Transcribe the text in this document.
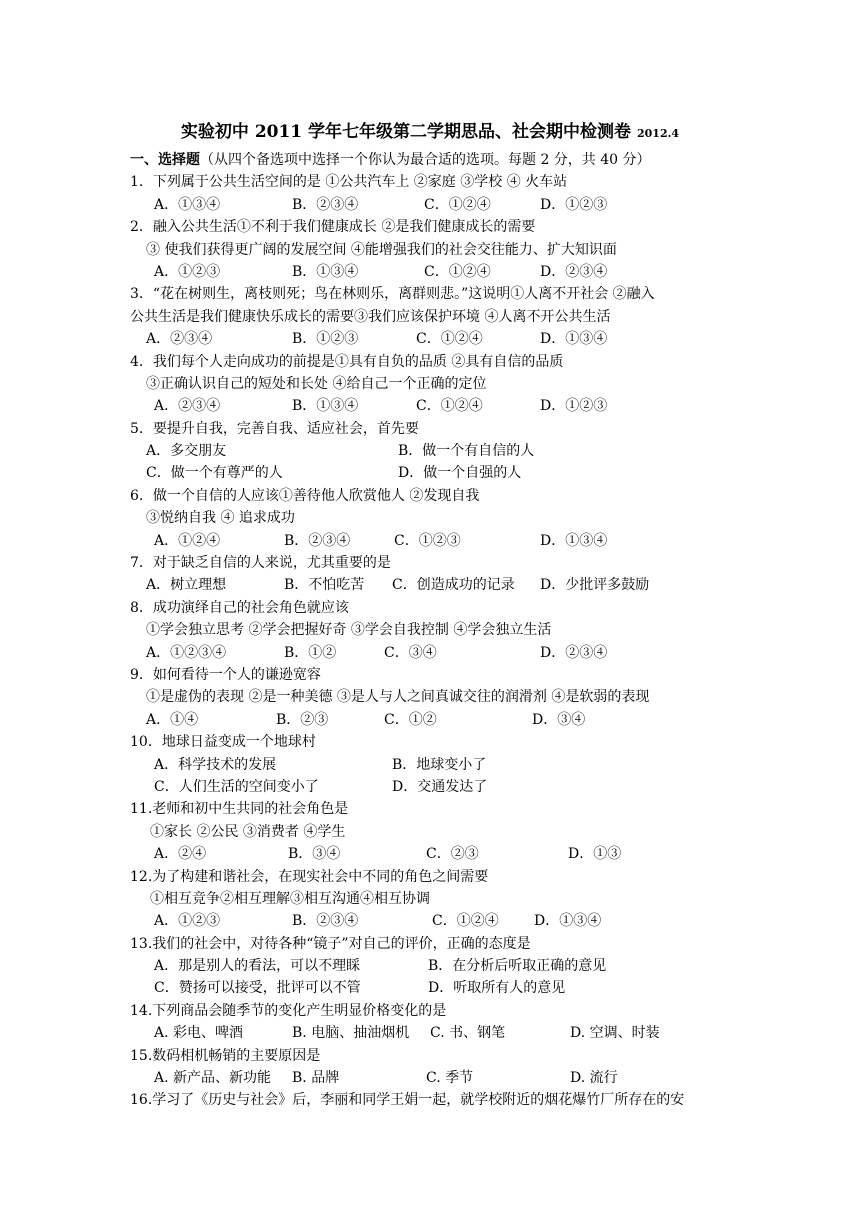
实验初中 2011 学年七年级第二学期思品、社会期中检测卷 2012.4
一、选择题（从四个备选项中选择一个你认为最合适的选项。每题 2 分，共 40 分）
1．下列属于公共生活空间的是 ①公共汽车上 ②家庭 ③学校 ④ 火车站
A．①③④	B．②③④	C．①②④	D．①②③
2．融入公共生活①不利于我们健康成长 ②是我们健康成长的需要
③ 使我们获得更广阔的发展空间 ④能增强我们的社会交往能力、扩大知识面
A．①②③	B．①③④	C．①②④	D．②③④
3．“花在树则生，离枝则死；鸟在林则乐，离群则悲。”这说明①人离不开社会 ②融入
公共生活是我们健康快乐成长的需要③我们应该保护环境 ④人离不开公共生活
A．②③④	B．①②③	C．①②④	D．①③④
4．我们每个人走向成功的前提是①具有自负的品质 ②具有自信的品质
③正确认识自己的短处和长处 ④给自己一个正确的定位
A．②③④	B．①③④	C．①②④	D．①②③
5．要提升自我，完善自我、适应社会，首先要
A．多交朋友	B．做一个有自信的人
C．做一个有尊严的人	D．做一个自强的人
6．做一个自信的人应该①善待他人欣赏他人 ②发现自我
③悦纳自我 ④ 追求成功
A．①②④	B．②③④	C．①②③	D．①③④
7．对于缺乏自信的人来说，尤其重要的是
A．树立理想	B．不怕吃苦 C．创造成功的记录 D．少批评多鼓励
8．成功演绎自己的社会角色就应该
①学会独立思考 ②学会把握好奇 ③学会自我控制 ④学会独立生活
A．①②③④	B．①②	C．③④	D．②③④
9．如何看待一个人的谦逊宽容
①是虚伪的表现 ②是一种美德 ③是人与人之间真诚交往的润滑剂 ④是软弱的表现
A．①④	B．②③	C．①②	D．③④
10．地球日益变成一个地球村
A．科学技术的发展	B．地球变小了
C．人们生活的空间变小了	D．交通发达了
11.老师和初中生共同的社会角色是
①家长 ②公民 ③消费者 ④学生
A．②④	B．③④	C．②③	D．①③
12.为了构建和谐社会，在现实社会中不同的角色之间需要
①相互竞争②相互理解③相互沟通④相互协调
A．①②③	B．②③④	C．①②④	D．①③④
13.我们的社会中，对待各种“镜子”对自己的评价，正确的态度是
A．那是别人的看法，可以不理睬	B．在分析后听取正确的意见
C．赞扬可以接受，批评可以不管	D．听取所有人的意见
14.下列商品会随季节的变化产生明显价格变化的是
A. 彩电、啤酒	B. 电脑、抽油烟机 C. 书、钢笔	D. 空调、时装
15.数码相机畅销的主要原因是
A. 新产品、新功能 B. 品牌	C. 季节	D. 流行
16.学习了《历史与社会》后，李丽和同学王娟一起，就学校附近的烟花爆竹厂所存在的安
